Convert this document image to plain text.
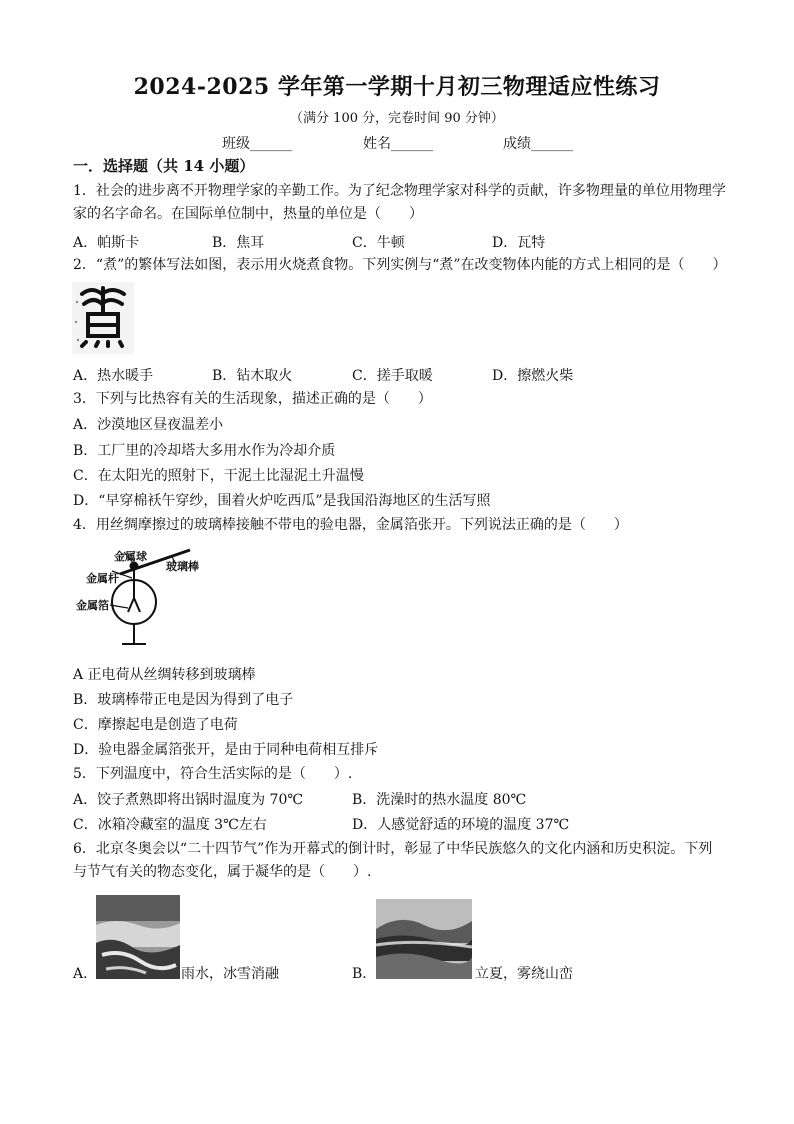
2024-2025 学年第一学期十月初三物理适应性练习
（满分 100 分，完卷时间 90 分钟）
班级______	姓名______	成绩______
一．选择题（共 14 小题）
1．社会的进步离不开物理学家的辛勤工作。为了纪念物理学家对科学的贡献，许多物理量的单位用物理学
家的名字命名。在国际单位制中，热量的单位是（　　）
A．帕斯卡	B．焦耳	C．牛顿	D．瓦特
2．“煮”的繁体写法如图，表示用火烧煮食物。下列实例与“煮”在改变物体内能的方式上相同的是（　　）
A．热水暖手	B．钻木取火	C．搓手取暖	D．擦燃火柴
3．下列与比热容有关的生活现象，描述正确的是（　　）
A．沙漠地区昼夜温差小
B．工厂里的冷却塔大多用水作为冷却介质
C．在太阳光的照射下，干泥土比湿泥土升温慢
D．“早穿棉袄午穿纱，围着火炉吃西瓜”是我国沿海地区的生活写照
4．用丝绸摩擦过的玻璃棒接触不带电的验电器，金属箔张开。下列说法正确的是（　　）
金属球
金属杆
玻璃棒
金属箔
A 正电荷从丝绸转移到玻璃棒
B．玻璃棒带正电是因为得到了电子
C．摩擦起电是创造了电荷
D．验电器金属箔张开，是由于同种电荷相互排斥
5．下列温度中，符合生活实际的是（　　）.
A．饺子煮熟即将出锅时温度为 70℃	B．洗澡时的热水温度 80℃
C．冰箱冷藏室的温度 3℃左右	D．人感觉舒适的环境的温度 37℃
6．北京冬奥会以“二十四节气”作为开幕式的倒计时，彰显了中华民族悠久的文化内涵和历史积淀。下列
与节气有关的物态变化，属于凝华的是（　　）.
A．	雨水，冰雪消融	B．	立夏，雾绕山峦
